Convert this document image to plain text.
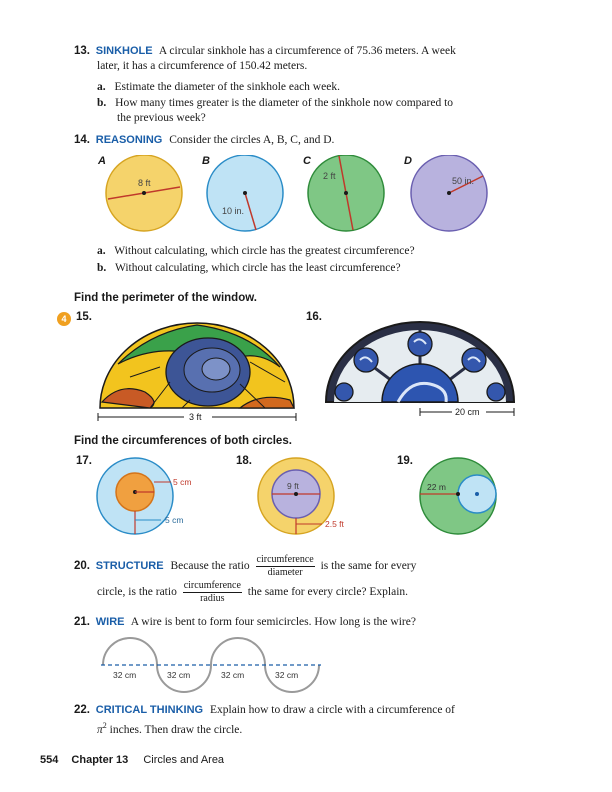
13. SINKHOLE A circular sinkhole has a circumference of 75.36 meters. A week
later, it has a circumference of 150.42 meters.
a. Estimate the diameter of the sinkhole each week.
b. How many times greater is the diameter of the sinkhole now compared to
the previous week?
14. REASONING Consider the circles A, B, C, and D.
A	B	C	D
8 ft
10 in.
2 ft	50 in.
a. Without calculating, which circle has the greatest circumference?
b. Without calculating, which circle has the least circumference?
Find the perimeter of the window.
4 15.	16.
3 ft	20 cm
Find the circumferences of both circles.
17.	18.	19.
5 cm
5 cm
9 ft
2.5 ft
22 m
20. STRUCTURE Because the ratio $\frac{\text{circumference}}{\text{diameter}}$ is the same for every
circle, is the ratio $\frac{\text{circumference}}{\text{radius}}$ the same for every circle? Explain.
21. WIRE A wire is bent to form four semicircles. How long is the wire?
32 cm	32 cm	32 cm	32 cm
22. CRITICAL THINKING Explain how to draw a circle with a circumference of
$\pi^2$ inches. Then draw the circle.
554 Chapter 13 Circles and Area
